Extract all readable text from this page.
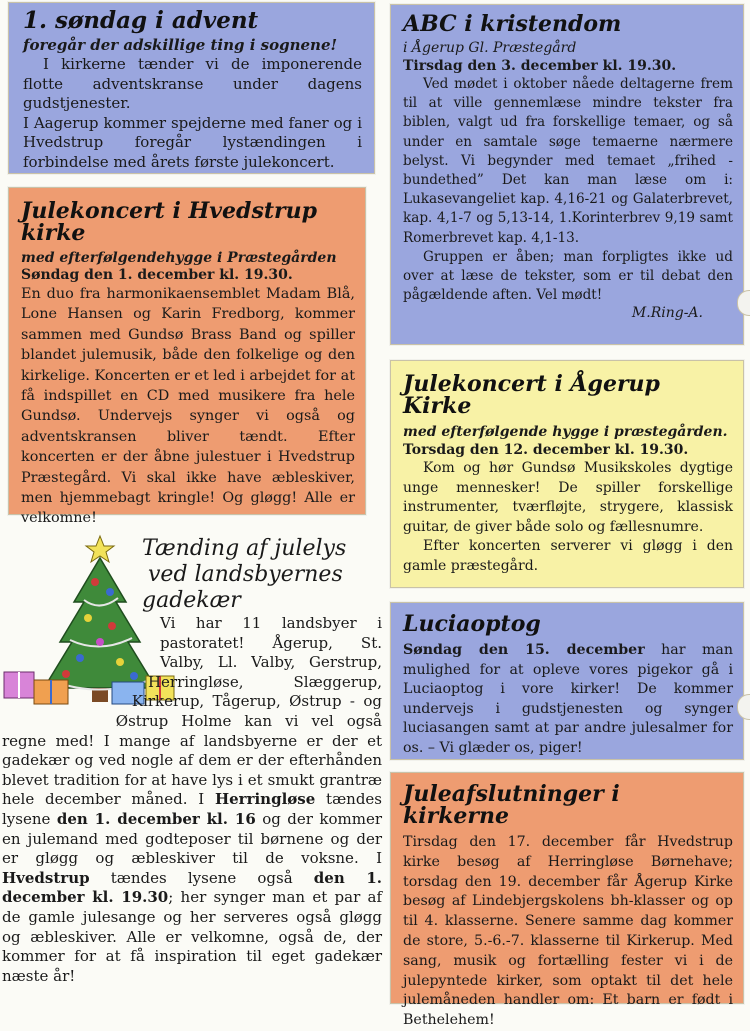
1. søndag i advent

foregår der adskillige ting i sognene!

I kirkerne tænder vi de imponerende flotte adventskranse under dagens gudstjenester.

I Aagerup kommer spejderne med faner og i Hvedstrup foregår lystændingen i forbindelse med årets første julekoncert.

Julekoncert i Hvedstrup kirke

med efterfølgendehygge i Præstegården

Søndag den 1. december kl. 19.30.

En duo fra harmonikaensemblet Madam Blå, Lone Hansen og Karin Fredborg, kommer sammen med Gundsø Brass Band og spiller blandet julemusik, både den folkelige og den kirkelige. Koncerten er et led i arbejdet for at få indspillet en CD med musikere fra hele Gundsø. Undervejs synger vi også og adventskransen bliver tændt. Efter koncerten er der åbne julestuer i Hvedstrup Præstegård. Vi skal ikke have æbleskiver, men hjemmebagt kringle! Og gløgg! Alle er velkomne!

Tænding af julelys
ved landsbyernes
gadekær
Vi har 11 landsbyer i pastoratet! Ågerup, St. Valby, Ll. Valby, Gerstrup, Herringløse, Slæggerup, Kirkerup, Tågerup, Østrup - og Østrup Holme kan vi vel også regne med! I mange af landsbyerne er der et gadekær og ved nogle af dem er der efterhånden blevet tradition for at have lys i et smukt grantræ hele december måned. I Herringløse tændes lysene den 1. december kl. 16 og der kommer en julemand med godteposer til børnene og der er gløgg og æbleskiver til de voksne. I Hvedstrup tændes lysene også den 1. december kl. 19.30; her synger man et par af de gamle julesange og her serveres også gløgg og æbleskiver. Alle er velkomne, også de, der kommer for at få inspiration til eget gadekær næste år!
ABC i kristendom

i Ågerup Gl. Præstegård

Tirsdag den 3. december kl. 19.30.

Ved mødet i oktober nåede deltagerne frem til at ville gennemlæse mindre tekster fra biblen, valgt ud fra forskellige temaer, og så under en samtale søge temaerne nærmere belyst. Vi begynder med temaet „frihed - bundethed” Det kan man læse om i: Lukasevangeliet kap. 4,16-21 og Galaterbrevet, kap. 4,1-7 og 5,13-14, 1.Korinterbrev 9,19 samt Romerbrevet kap. 4,1-13.

Gruppen er åben; man forpligtes ikke ud over at læse de tekster, som er til debat den pågældende aften. Vel mødt!

M.Ring-A.

Julekoncert i Ågerup Kirke

med efterfølgende hygge i præstegården.

Torsdag den 12. december kl. 19.30.

Kom og hør Gundsø Musikskoles dygtige unge mennesker! De spiller forskellige instrumenter, tværfløjte, strygere, klassisk guitar, de giver både solo og fællesnumre.

Efter koncerten serverer vi gløgg i den gamle præstegård.

Luciaoptog

Søndag den 15. december har man mulighed for at opleve vores pigekor gå i Luciaoptog i vore kirker! De kommer undervejs i gudstjenesten og synger luciasangen samt at par andre julesalmer for os. – Vi glæder os, piger!

Juleafslutninger i kirkerne

Tirsdag den 17. december får Hvedstrup kirke besøg af Herringløse Børnehave; torsdag den 19. december får Ågerup Kirke besøg af Lindebjergskolens bh-klasser og op til 4. klasserne. Senere samme dag kommer de store, 5.-6.-7. klasserne til Kirkerup. Med sang, musik og fortælling fester vi i de julepyntede kirker, som optakt til det hele julemåneden handler om: Et barn er født i Bethelehem!
